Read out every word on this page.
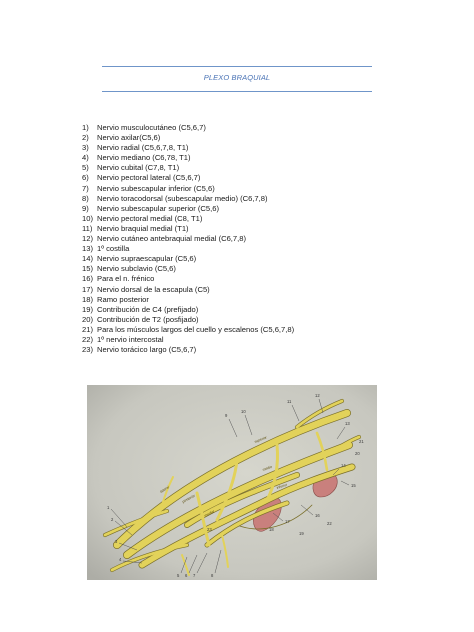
PLEXO BRAQUIAL
1)	Nervio musculocutáneo (C5,6,7)
2)	Nervio axilar(C5,6)
3)	Nervio radial (C5,6,7,8, T1)
4)	Nervio mediano (C6,78, T1)
5)	Nervio cubital (C7,8, T1)
6)	Nervio pectoral lateral (C5,6,7)
7)	Nervio subescapular inferior (C5,6)
8)	Nervio toracodorsal (subescapular medio) (C6,7,8)
9)	Nervio subescapular superior (C5,6)
10) Nervio pectoral medial (C8, T1)
11) Nervio braquial medial (T1)
12) Nervio cutáneo antebraquial medial (C6,7,8)
13) 1º costilla
14) Nervio supraescapular (C5,6)
15) Nervio subclavio (C5,6)
16) Para el n. frénico
17) Nervio dorsal de la escapula (C5)
18) Ramo posterior
19) Contribución de C4 (prefijado)
20) Contribución de T2 (posfijado)
21) Para los músculos largos del cuello y escalenos (C5,6,7,8)
22) 1º nervio intercostal
23) Nervio torácico largo (C5,6,7)
superior
medio
inferior
posterior
lateral
medial
1
2
3
4
5 6 7	8
9
10
11
12
13
14
15
16
17
18
19
20
21
22
23
